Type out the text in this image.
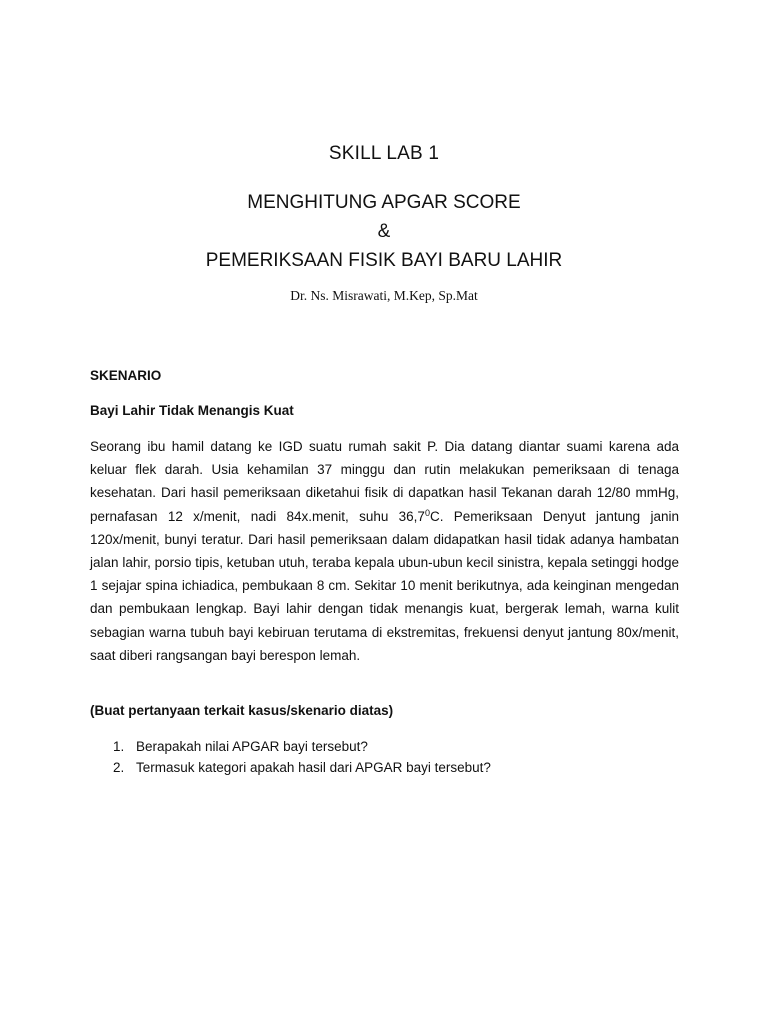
SKILL LAB 1
MENGHITUNG APGAR SCORE
&
PEMERIKSAAN FISIK BAYI BARU LAHIR
Dr. Ns. Misrawati, M.Kep, Sp.Mat
SKENARIO
Bayi Lahir Tidak Menangis Kuat
Seorang ibu hamil datang ke IGD suatu rumah sakit P. Dia datang diantar suami karena ada keluar flek darah. Usia kehamilan 37 minggu dan rutin melakukan pemeriksaan di tenaga kesehatan. Dari hasil pemeriksaan diketahui fisik di dapatkan hasil Tekanan darah 12/80 mmHg, pernafasan 12 x/menit, nadi 84x.menit, suhu 36,7$^0$C. Pemeriksaan Denyut jantung janin 120x/menit, bunyi teratur. Dari hasil pemeriksaan dalam didapatkan hasil tidak adanya hambatan jalan lahir, porsio tipis, ketuban utuh, teraba kepala ubun-ubun kecil sinistra, kepala setinggi hodge 1 sejajar spina ichiadica, pembukaan 8 cm. Sekitar 10 menit berikutnya, ada keinginan mengedan dan pembukaan lengkap. Bayi lahir dengan tidak menangis kuat, bergerak lemah, warna kulit sebagian warna tubuh bayi kebiruan terutama di ekstremitas, frekuensi denyut jantung 80x/menit, saat diberi rangsangan bayi berespon lemah.
(Buat pertanyaan terkait kasus/skenario diatas)
1. Berapakah nilai APGAR bayi tersebut?
2. Termasuk kategori apakah hasil dari APGAR bayi tersebut?
